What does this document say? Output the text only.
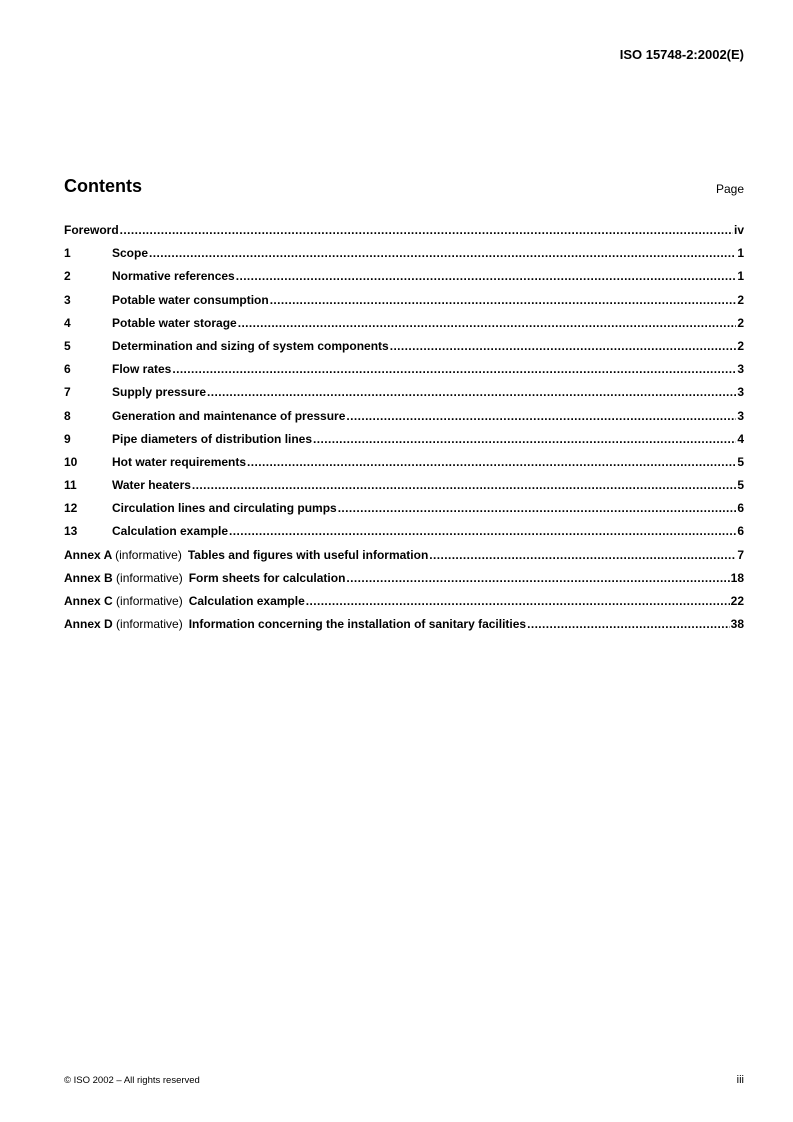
ISO 15748-2:2002(E)
Contents	Page
Foreword .....	iv
1	Scope .....	1
2	Normative references .....	1
3	Potable water consumption .....	2
4	Potable water storage .....	2
5	Determination and sizing of system components .....	2
6	Flow rates .....	3
7	Supply pressure .....	3
8	Generation and maintenance of pressure .....	3
9	Pipe diameters of distribution lines .....	4
10	Hot water requirements .....	5
11	Water heaters .....	5
12	Circulation lines and circulating pumps .....	6
13	Calculation example .....	6
Annex A (informative) Tables and figures with useful information .....	7
Annex B (informative) Form sheets for calculation .....	18
Annex C (informative) Calculation example .....	22
Annex D (informative) Information concerning the installation of sanitary facilities .....	38
© ISO 2002 – All rights reserved	iii
